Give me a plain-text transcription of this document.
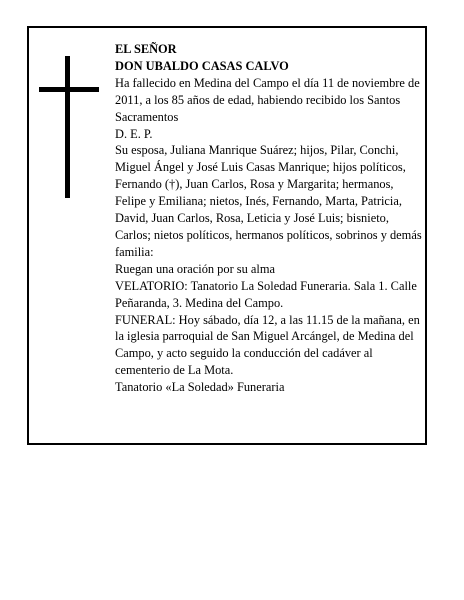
EL SEÑOR

DON UBALDO CASAS CALVO

Ha fallecido en Medina del Campo el día 11 de noviembre de 2011, a los 85 años de edad, habiendo recibido los Santos Sacramentos

D. E. P.

Su esposa, Juliana Manrique Suárez; hijos, Pilar, Conchi, Miguel Ángel y José Luis Casas Manrique; hijos políticos, Fernando (†), Juan Carlos, Rosa y Margarita; hermanos, Felipe y Emiliana; nietos, Inés, Fernando, Marta, Patricia, David, Juan Carlos, Rosa, Leticia y José Luis; bisnieto, Carlos; nietos políticos, hermanos políticos, sobrinos y demás familia:

Ruegan una oración por su alma

VELATORIO: Tanatorio La Soledad Funeraria. Sala 1. Calle Peñaranda, 3. Medina del Campo.

FUNERAL: Hoy sábado, día 12, a las 11.15 de la mañana, en la iglesia parroquial de San Miguel Arcángel, de Medina del Campo, y acto seguido la conducción del cadáver al cementerio de La Mota.

Tanatorio «La Soledad» Funeraria
